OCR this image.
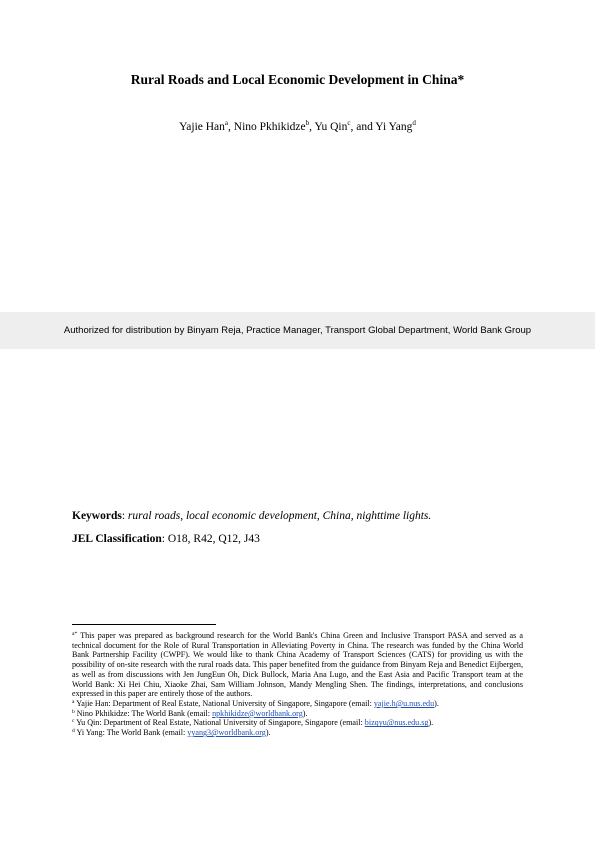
Rural Roads and Local Economic Development in China*
Yajie Han$^a$, Nino Pkhikidze$^b$, Yu Qin$^c$, and Yi Yang$^d$
Authorized for distribution by Binyam Reja, Practice Manager, Transport Global Department, World Bank Group
Keywords: rural roads, local economic development, China, nighttime lights.
JEL Classification: O18, R42, Q12, J43
$^{a*}$ This paper was prepared as background research for the World Bank's China Green and Inclusive Transport PASA and served as a technical document for the Role of Rural Transportation in Alleviating Poverty in China. The research was funded by the China World Bank Partnership Facility (CWPF). We would like to thank China Academy of Transport Sciences (CATS) for providing us with the possibility of on-site research with the rural roads data. This paper benefited from the guidance from Binyam Reja and Benedict Eijbergen, as well as from discussions with Jen JungEun Oh, Dick Bullock, Maria Ana Lugo, and the East Asia and Pacific Transport team at the World Bank: Xi Hei Chiu, Xiaoke Zhai, Sam William Johnson, Mandy Mengling Shen. The findings, interpretations, and conclusions expressed in this paper are entirely those of the authors.
$^a$ Yajie Han: Department of Real Estate, National University of Singapore, Singapore (email: yajie.h@u.nus.edu).
$^b$ Nino Pkhikidze: The World Bank (email: npkhikidze@worldbank.org).
$^c$ Yu Qin: Department of Real Estate, National University of Singapore, Singapore (email: bizqyu@nus.edu.sg).
$^d$ Yi Yang: The World Bank (email: yyang3@worldbank.org).
